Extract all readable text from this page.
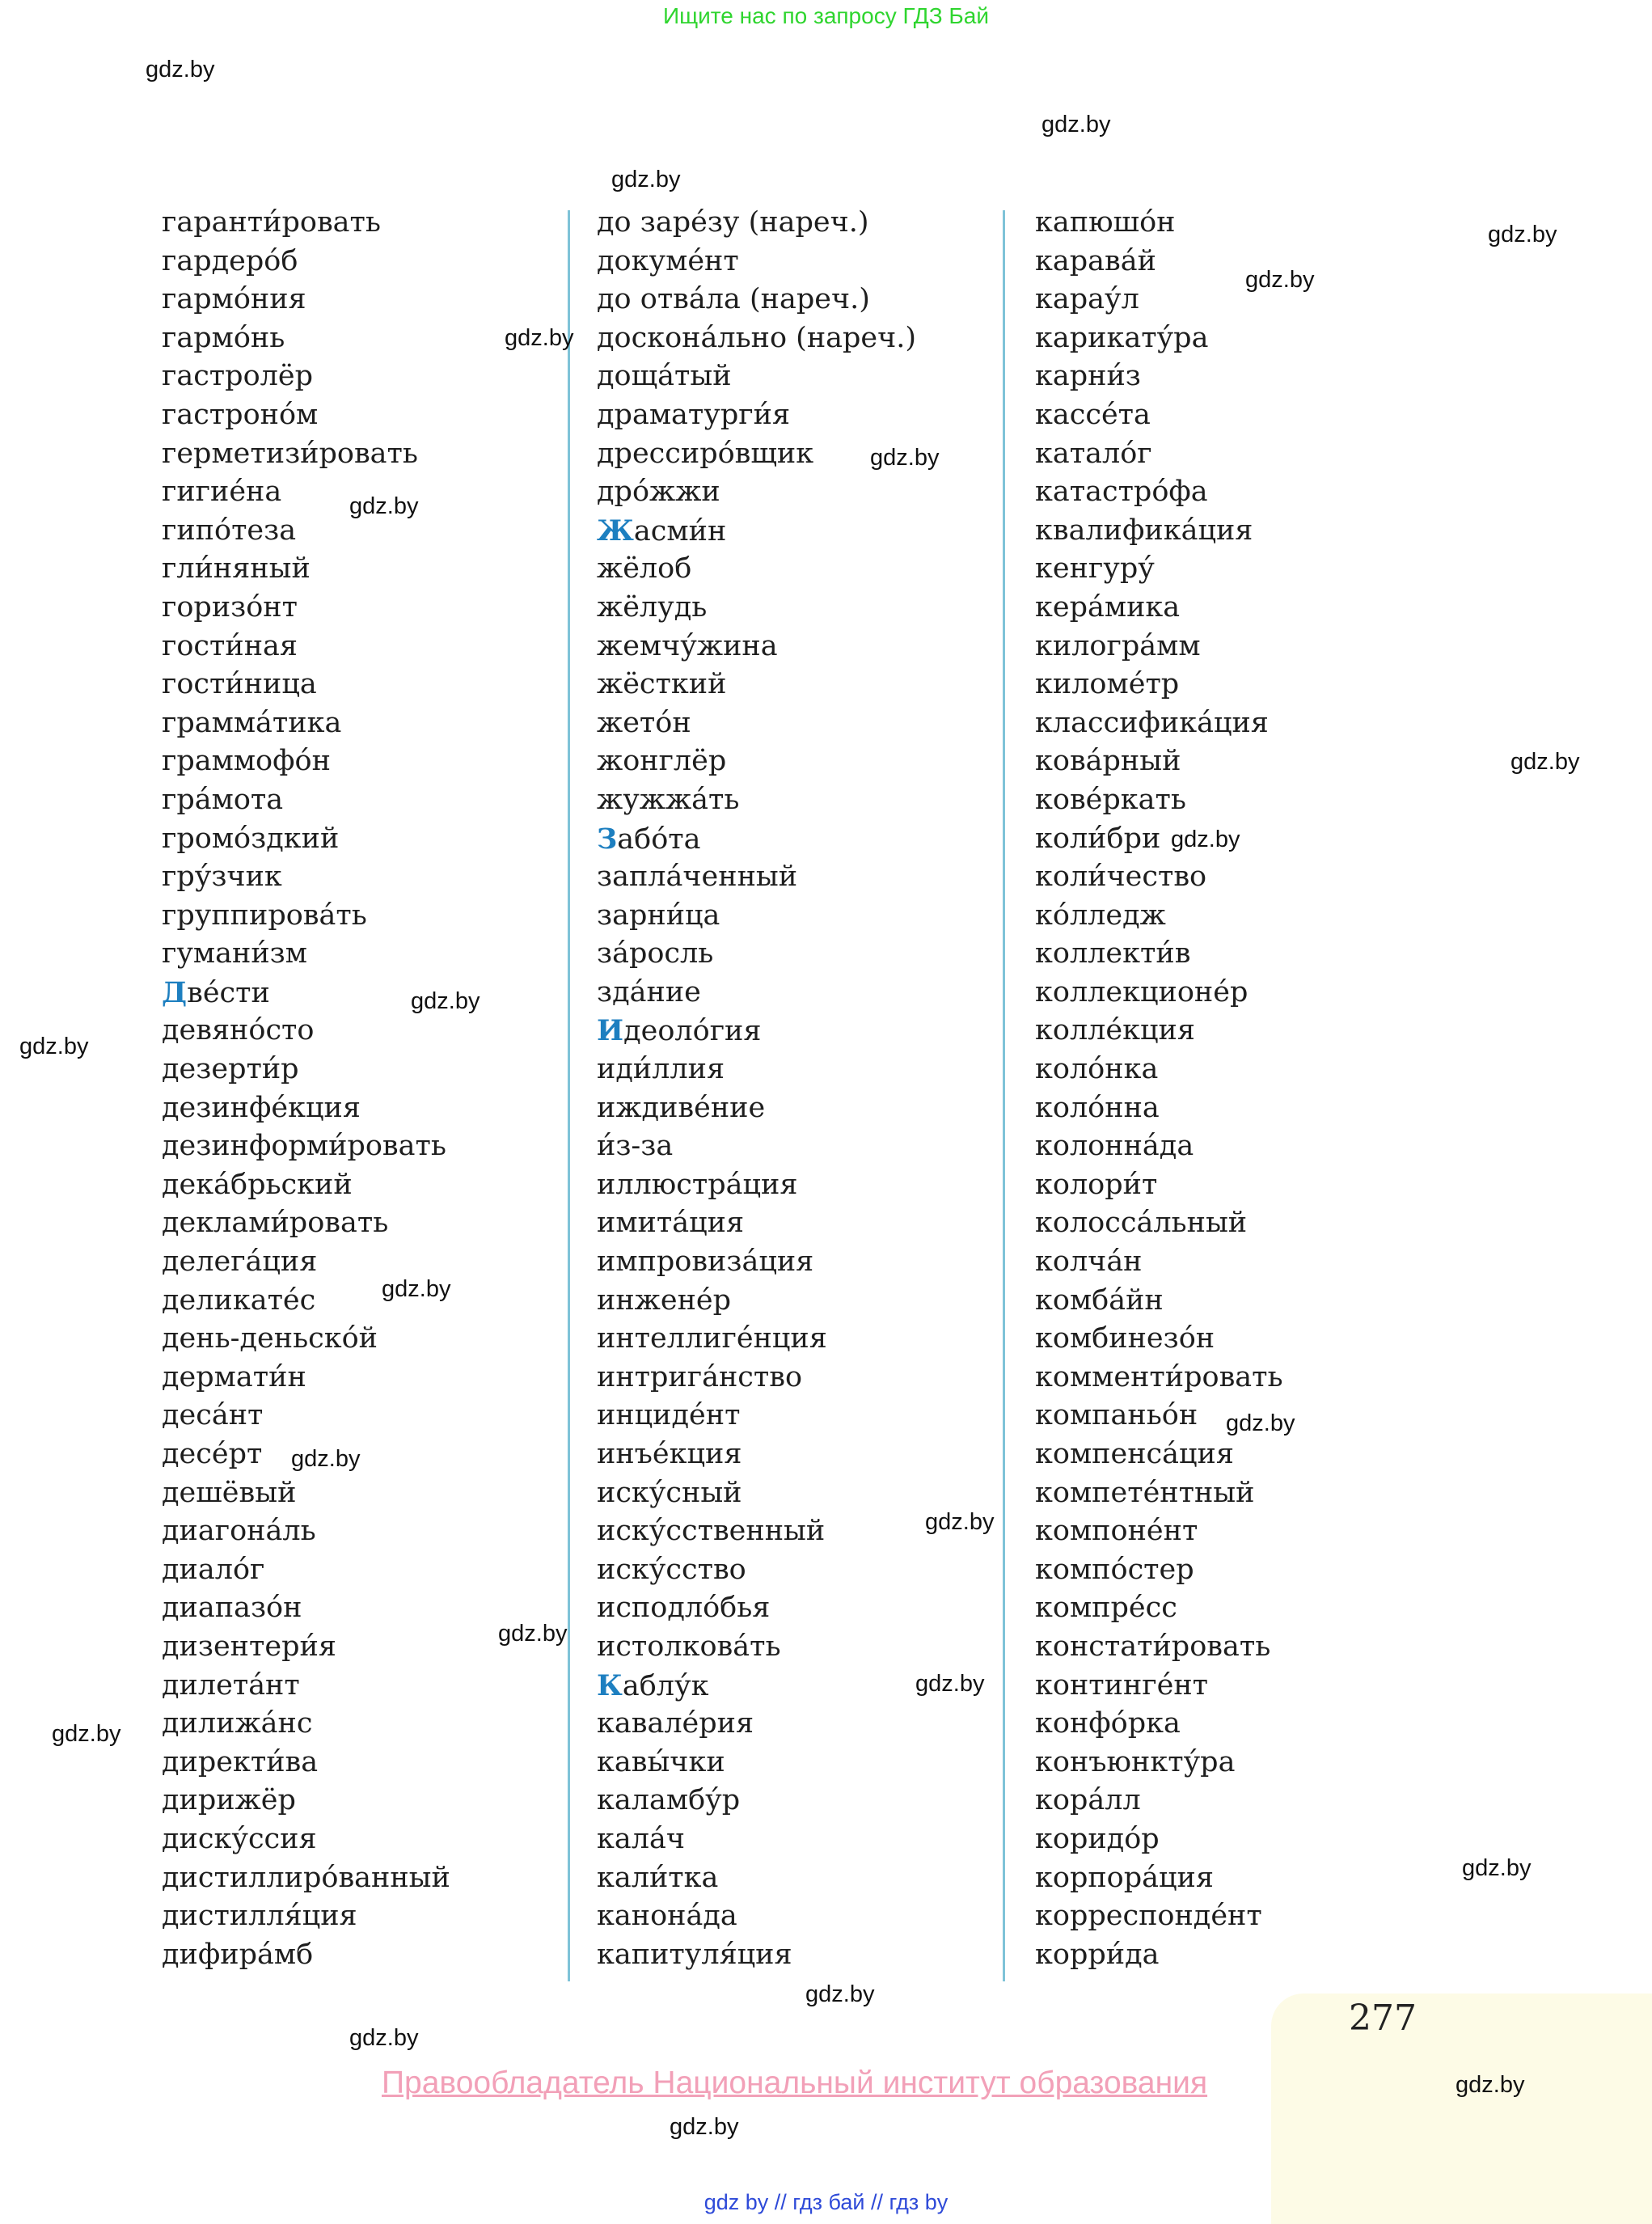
Ищите нас по запросу ГДЗ Бай
гаранти́ровать
гардеро́б
гармо́ния
гармо́нь
гастролёр
гастроно́м
герметизи́ровать
гигие́на
гипо́теза
гли́няный
горизо́нт
гости́ная
гости́ница
грамма́тика
граммофо́н
гра́мота
громо́здкий
гру́зчик
группирова́ть
гумани́зм
Две́сти
девяно́сто
дезерти́р
дезинфе́кция
дезинформи́ровать
дека́брьский
деклами́ровать
делега́ция
деликате́с
день-деньско́й
дермати́н
деса́нт
десе́рт
дешёвый
диагона́ль
диало́г
диапазо́н
дизентери́я
дилета́нт
дилижа́нс
директи́ва
дирижёр
диску́ссия
дистиллиро́ванный
дистилля́ция
дифира́мб
до заре́зу (нареч.)
докуме́нт
до отва́ла (нареч.)
доскона́льно (нареч.)
доща́тый
драматурги́я
дрессиро́вщик
дро́жжи
Жасми́н
жёлоб
жёлудь
жемчу́жина
жёсткий
жето́н
жонглёр
жужжа́ть
Забо́та
запла́ченный
зарни́ца
за́росль
зда́ние
Идеоло́гия
иди́ллия
иждиве́ние
и́з-за
иллюстра́ция
имита́ция
импровиза́ция
инжене́р
интеллиге́нция
интрига́нство
инциде́нт
инъе́кция
иску́сный
иску́сственный
иску́сство
исподло́бья
истолкова́ть
Каблу́к
кавале́рия
кавы́чки
каламбу́р
кала́ч
кали́тка
канона́да
капитуля́ция
капюшо́н
карава́й
карау́л
карикату́ра
карни́з
кассе́та
катало́г
катастро́фа
квалифика́ция
кенгуру́
кера́мика
килогра́мм
киломе́тр
классифика́ция
кова́рный
кове́ркать
коли́бри
коли́чество
ко́лледж
коллекти́в
коллекционе́р
колле́кция
коло́нка
коло́нна
колонна́да
колори́т
колосса́льный
колча́н
комба́йн
комбинезо́н
комменти́ровать
компаньо́н
компенса́ция
компете́нтный
компоне́нт
компо́стер
компре́сс
констати́ровать
континге́нт
конфо́рка
конъюнкту́ра
кора́лл
коридо́р
корпора́ция
корреспонде́нт
корри́да
gdz.by
gdz.by
gdz.by
gdz.by
gdz.by
gdz.by
gdz.by
gdz.by
gdz.by
gdz.by
gdz.by
gdz.by
gdz.by
gdz.by
gdz.by
gdz.by
gdz.by
gdz.by
gdz.by
gdz.by
gdz.by
gdz.by	277
gdz.by
gdz.by
Правообладатель Национальный институт образования
gdz by // гдз бай // гдз by
